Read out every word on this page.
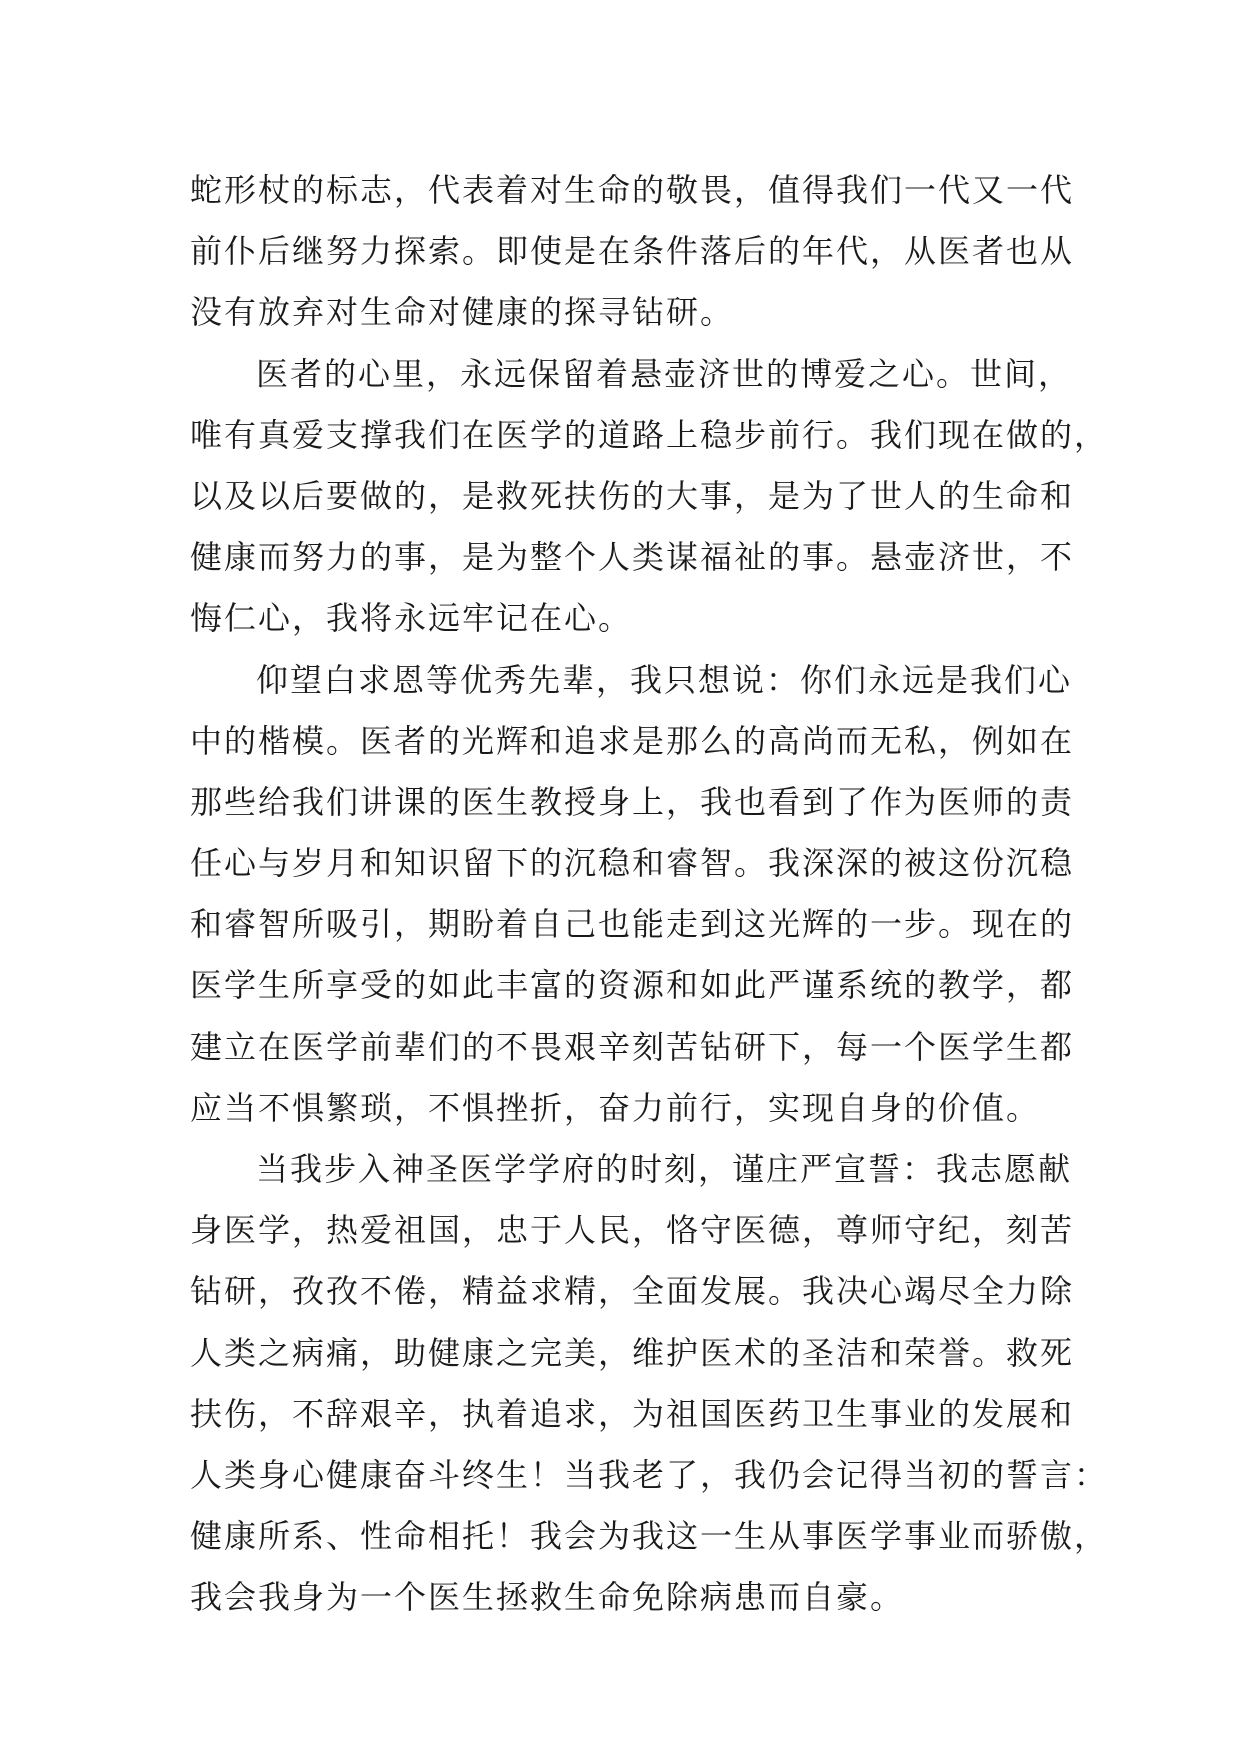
蛇形杖的标志，代表着对生命的敬畏，值得我们一代又一代
前仆后继努力探索。即使是在条件落后的年代，从医者也从
没有放弃对生命对健康的探寻钻研。
医者的心里，永远保留着悬壶济世的博爱之心。世间，
唯有真爱支撑我们在医学的道路上稳步前行。我们现在做的，
以及以后要做的，是救死扶伤的大事，是为了世人的生命和
健康而努力的事，是为整个人类谋福祉的事。悬壶济世，不
悔仁心，我将永远牢记在心。
仰望白求恩等优秀先辈，我只想说：你们永远是我们心
中的楷模。医者的光辉和追求是那么的高尚而无私，例如在
那些给我们讲课的医生教授身上，我也看到了作为医师的责
任心与岁月和知识留下的沉稳和睿智。我深深的被这份沉稳
和睿智所吸引，期盼着自己也能走到这光辉的一步。现在的
医学生所享受的如此丰富的资源和如此严谨系统的教学，都
建立在医学前辈们的不畏艰辛刻苦钻研下，每一个医学生都
应当不惧繁琐，不惧挫折，奋力前行，实现自身的价值。
当我步入神圣医学学府的时刻，谨庄严宣誓：我志愿献
身医学，热爱祖国，忠于人民，恪守医德，尊师守纪，刻苦
钻研，孜孜不倦，精益求精，全面发展。我决心竭尽全力除
人类之病痛，助健康之完美，维护医术的圣洁和荣誉。救死
扶伤，不辞艰辛，执着追求，为祖国医药卫生事业的发展和
人类身心健康奋斗终生！当我老了，我仍会记得当初的誓言：
健康所系、性命相托！我会为我这一生从事医学事业而骄傲，
我会我身为一个医生拯救生命免除病患而自豪。
